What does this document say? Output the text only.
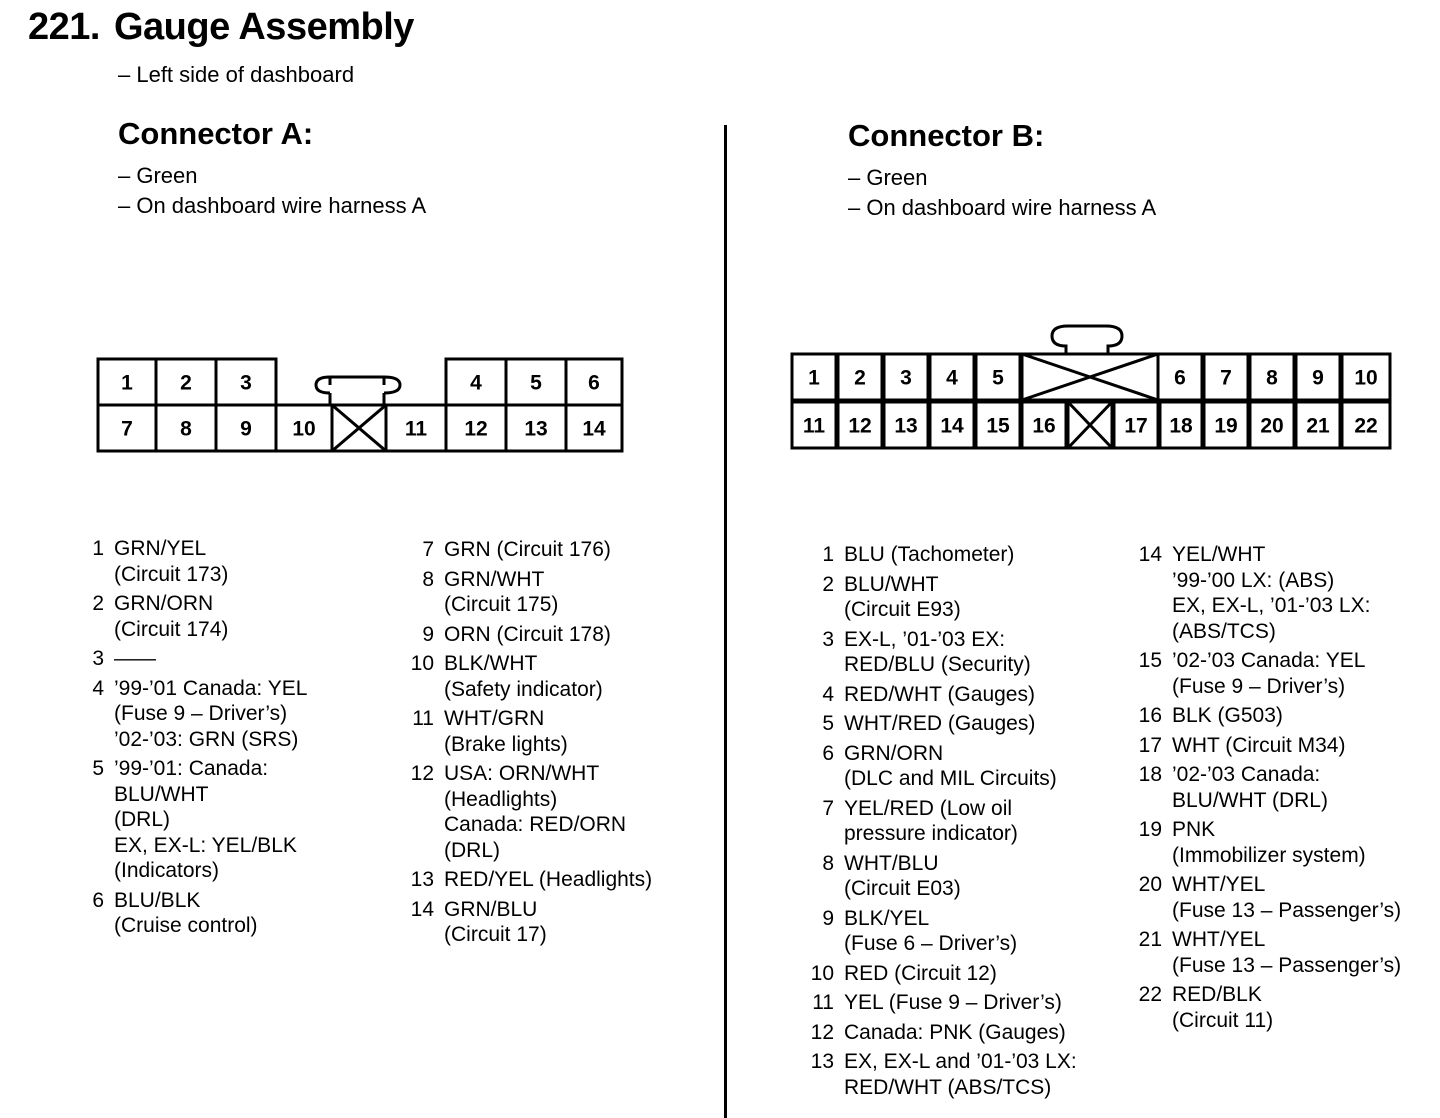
221. Gauge Assembly
– Left side of dashboard
Connector A:
– Green
– On dashboard wire harness A
Connector B:
– Green
– On dashboard wire harness A
1 2 3	4 5 6
7 8 9 10	11 12 13 14
1 2 3 4 5	6 7 8 9 10
11 12 13 14 15 16	17 18 19 20 21 22
1 GRN/YEL
(Circuit 173)
2 GRN/ORN
(Circuit 174)
3 ——
4 ’99-’01 Canada: YEL
(Fuse 9 – Driver’s)
’02-’03: GRN (SRS)
5 ’99-’01: Canada:
BLU/WHT
(DRL)
EX, EX-L: YEL/BLK
(Indicators)
6 BLU/BLK
(Cruise control)
7 GRN (Circuit 176)
8 GRN/WHT
(Circuit 175)
9 ORN (Circuit 178)
10 BLK/WHT
(Safety indicator)
11 WHT/GRN
(Brake lights)
12 USA: ORN/WHT
(Headlights)
Canada: RED/ORN
(DRL)
13 RED/YEL (Headlights)
14 GRN/BLU
(Circuit 17)
1 BLU (Tachometer)
2 BLU/WHT
(Circuit E93)
3 EX-L, ’01-’03 EX:
RED/BLU (Security)
4 RED/WHT (Gauges)
5 WHT/RED (Gauges)
6 GRN/ORN
(DLC and MIL Circuits)
7 YEL/RED (Low oil
pressure indicator)
8 WHT/BLU
(Circuit E03)
9 BLK/YEL
(Fuse 6 – Driver’s)
10 RED (Circuit 12)
11 YEL (Fuse 9 – Driver’s)
12 Canada: PNK (Gauges)
13 EX, EX-L and ’01-’03 LX:
RED/WHT (ABS/TCS)
14 YEL/WHT
’99-’00 LX: (ABS)
EX, EX-L, ’01-’03 LX:
(ABS/TCS)
15 ’02-’03 Canada: YEL
(Fuse 9 – Driver’s)
16 BLK (G503)
17 WHT (Circuit M34)
18 ’02-’03 Canada:
BLU/WHT (DRL)
19 PNK
(Immobilizer system)
20 WHT/YEL
(Fuse 13 – Passenger’s)
21 WHT/YEL
(Fuse 13 – Passenger’s)
22 RED/BLK
(Circuit 11)
